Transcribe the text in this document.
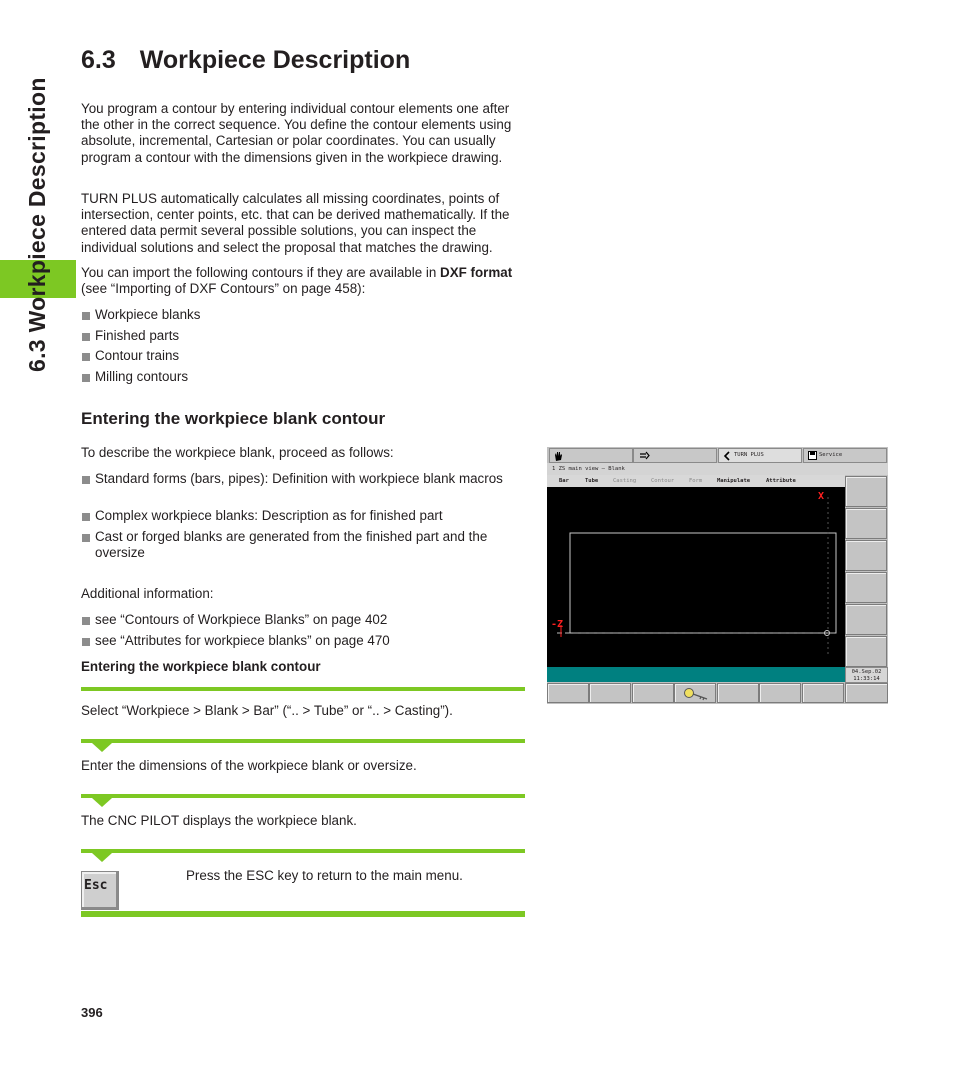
6.3 Workpiece Description
6.3 Workpiece Description

You program a contour by entering individual contour elements one after the other in the correct sequence. You define the contour elements using absolute, incremental, Cartesian or polar coordinates. You can usually program a contour with the dimensions given in the workpiece drawing.

TURN PLUS automatically calculates all missing coordinates, points of intersection, center points, etc. that can be derived mathematically. If the entered data permit several possible solutions, you can inspect the individual solutions and select the proposal that matches the drawing.

You can import the following contours if they are available in DXF format (see “Importing of DXF Contours” on page 458):

Workpiece blanks
Finished parts
Contour trains
Milling contours
Entering the workpiece blank contour

To describe the workpiece blank, proceed as follows:

Standard forms (bars, pipes): Definition with workpiece blank macros
Complex workpiece blanks: Description as for finished part
Cast or forged blanks are generated from the finished part and the oversize

Additional information:

see “Contours of Workpiece Blanks” on page 402
see “Attributes for workpiece blanks” on page 470
Entering the workpiece blank contour

Select “Workpiece > Blank > Bar” (“.. > Tube” or “.. > Casting”).

Enter the dimensions of the workpiece blank or oversize.

The CNC PILOT displays the workpiece blank.

Esc

Press the ESC key to return to the main menu.

396
TURN PLUS	Service
1 ZS main view – Blank
Bar	Tube	Casting	Contour	Form	Manipulate	Attribute
X
-Z
04.Sep.02
11:33:14
